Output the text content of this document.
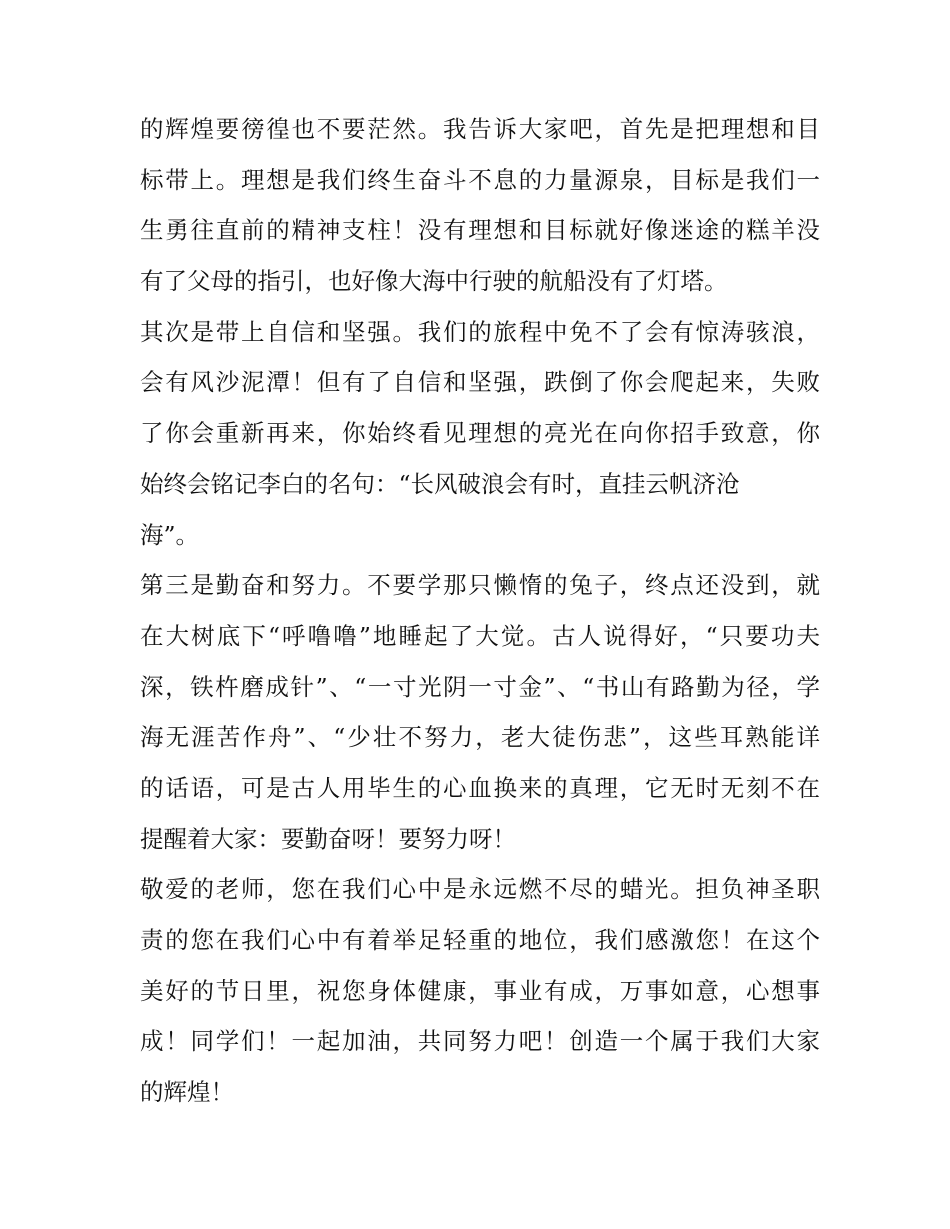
的辉煌要徬徨也不要茫然。我告诉大家吧，首先是把理想和目
标带上。理想是我们终生奋斗不息的力量源泉，目标是我们一
生勇往直前的精神支柱！没有理想和目标就好像迷途的糕羊没
有了父母的指引，也好像大海中行驶的航船没有了灯塔。
其次是带上自信和坚强。我们的旅程中免不了会有惊涛骇浪，
会有风沙泥潭！但有了自信和坚强，跌倒了你会爬起来，失败
了你会重新再来，你始终看见理想的亮光在向你招手致意，你
始终会铭记李白的名句：“长风破浪会有时，直挂云帆济沧
海”。
第三是勤奋和努力。不要学那只懒惰的兔子，终点还没到，就
在大树底下“呼噜噜”地睡起了大觉。古人说得好，“只要功夫
深，铁杵磨成针”、“一寸光阴一寸金”、“书山有路勤为径，学
海无涯苦作舟”、“少壮不努力，老大徒伤悲”，这些耳熟能详
的话语，可是古人用毕生的心血换来的真理，它无时无刻不在
提醒着大家：要勤奋呀！要努力呀！
敬爱的老师，您在我们心中是永远燃不尽的蜡光。担负神圣职
责的您在我们心中有着举足轻重的地位，我们感激您！在这个
美好的节日里，祝您身体健康，事业有成，万事如意，心想事
成！同学们！一起加油，共同努力吧！创造一个属于我们大家
的辉煌！
